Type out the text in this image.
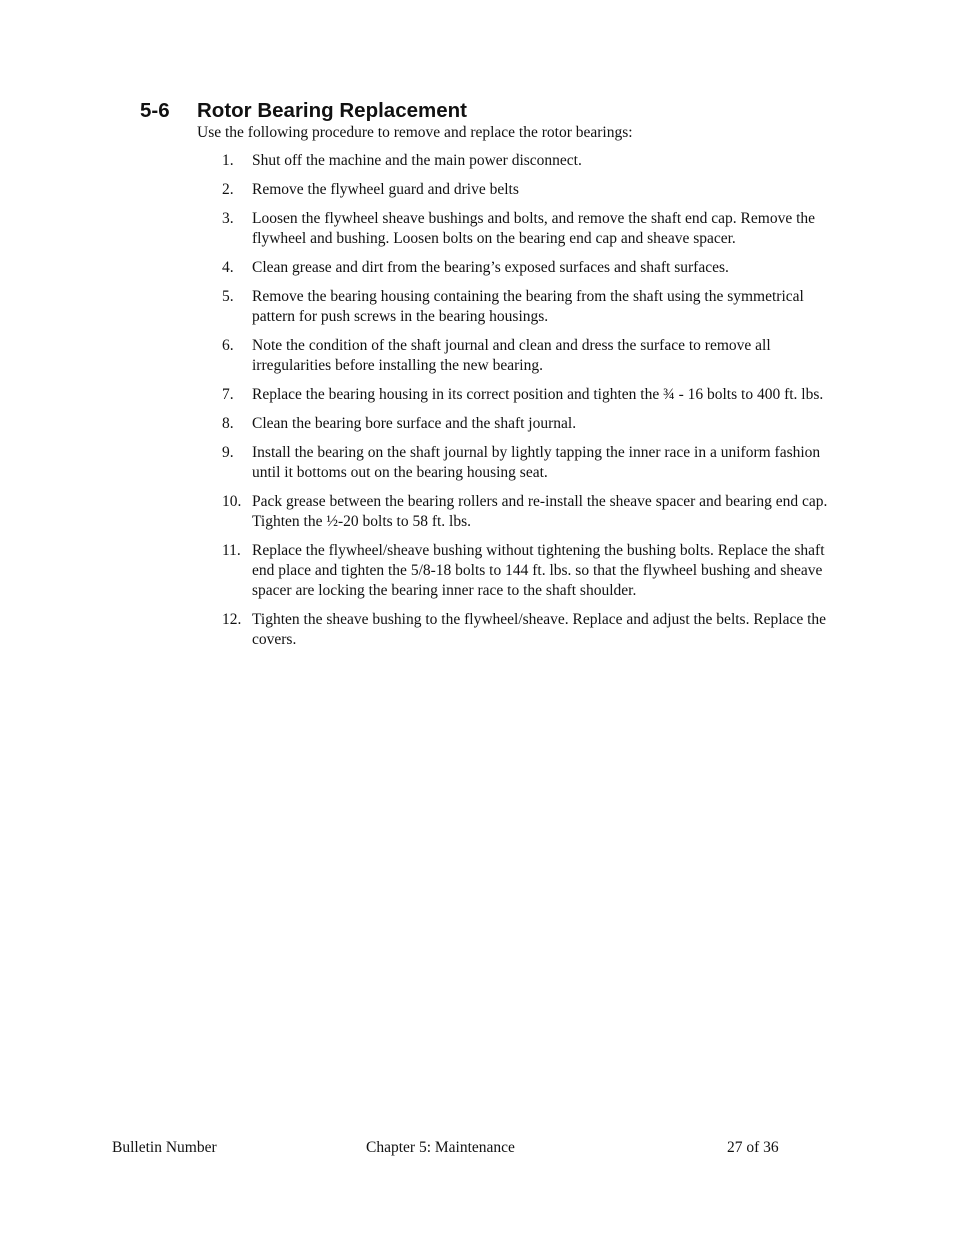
5-6 Rotor Bearing Replacement

Use the following procedure to remove and replace the rotor bearings:

1.	Shut off the machine and the main power disconnect.
2.	Remove the flywheel guard and drive belts
3.	Loosen the flywheel sheave bushings and bolts, and remove the shaft end cap. Remove the flywheel and bushing. Loosen bolts on the bearing end cap and sheave spacer.
4.	Clean grease and dirt from the bearing’s exposed surfaces and shaft surfaces.
5.	Remove the bearing housing containing the bearing from the shaft using the symmetrical pattern for push screws in the bearing housings.
6.	Note the condition of the shaft journal and clean and dress the surface to remove all irregularities before installing the new bearing.
7.	Replace the bearing housing in its correct position and tighten the ¾ - 16 bolts to 400 ft. lbs.
8.	Clean the bearing bore surface and the shaft journal.
9.	Install the bearing on the shaft journal by lightly tapping the inner race in a uniform fashion until it bottoms out on the bearing housing seat.
10. Pack grease between the bearing rollers and re-install the sheave spacer and bearing end cap. Tighten the ½-20 bolts to 58 ft. lbs.
11. Replace the flywheel/sheave bushing without tightening the bushing bolts. Replace the shaft end place and tighten the 5/8-18 bolts to 144 ft. lbs. so that the flywheel bushing and sheave spacer are locking the bearing inner race to the shaft shoulder.
12. Tighten the sheave bushing to the flywheel/sheave. Replace and adjust the belts. Replace the covers.
Bulletin Number	Chapter 5: Maintenance	27 of 36
